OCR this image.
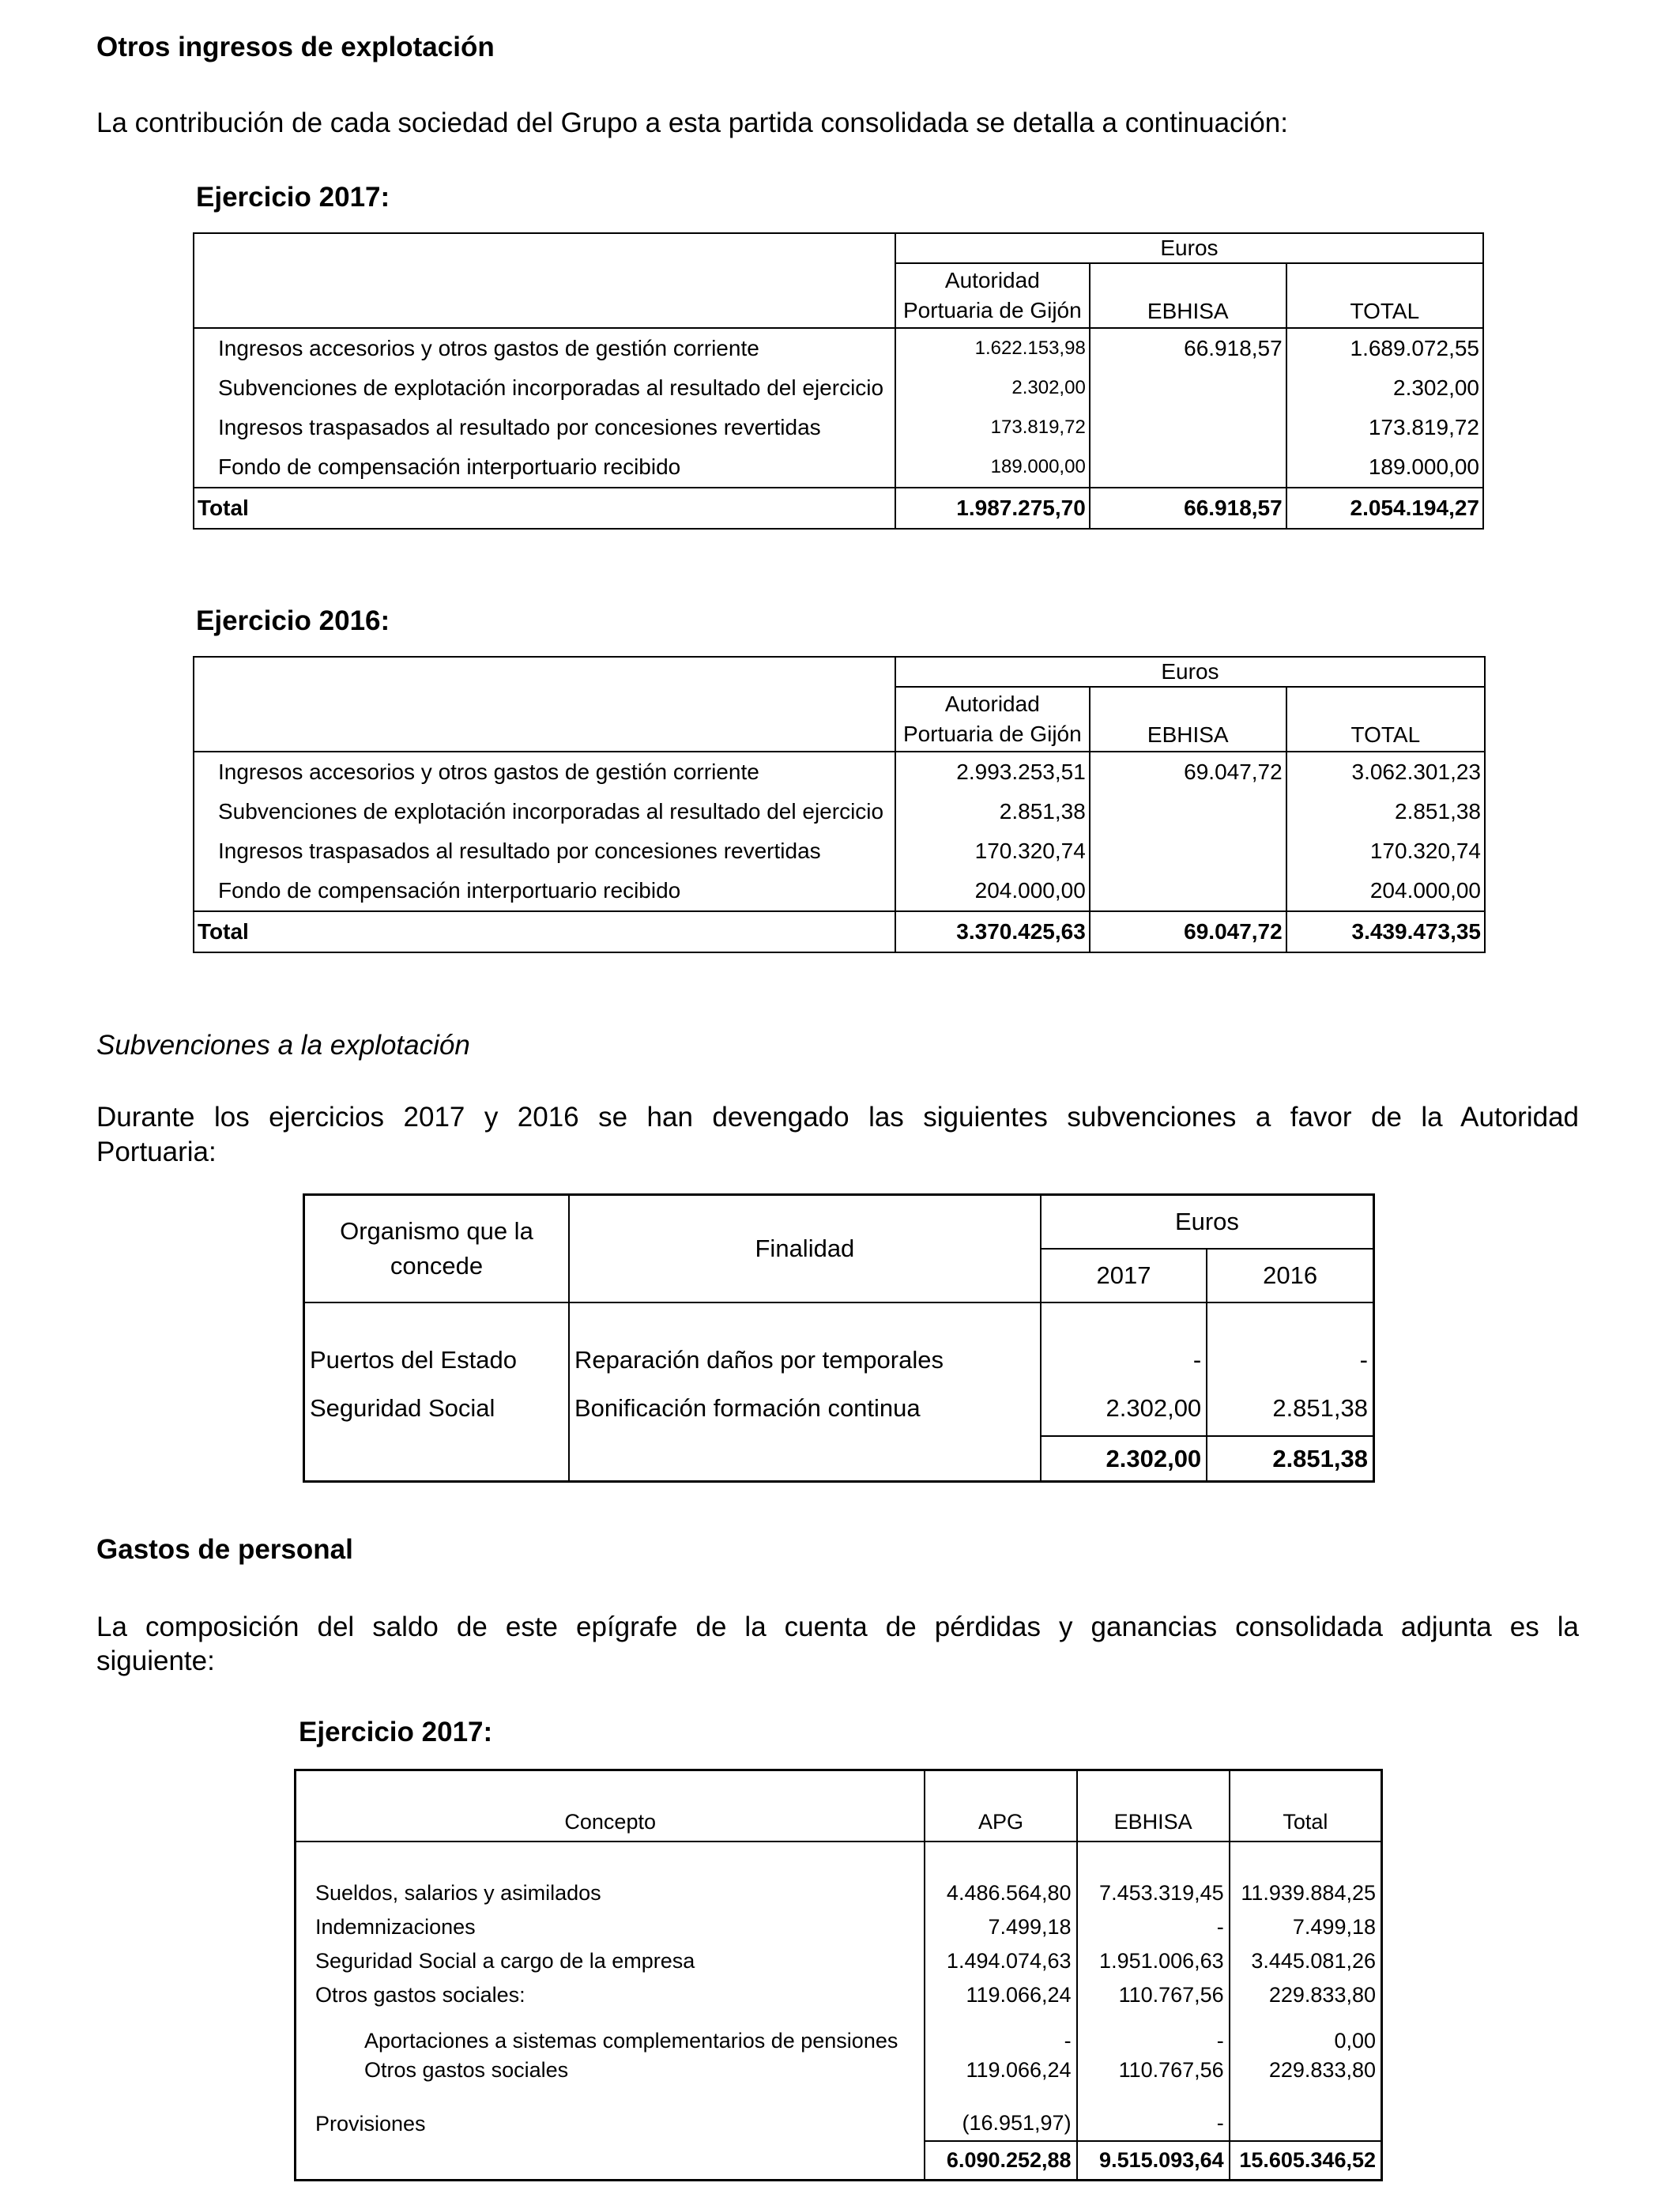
Otros ingresos de explotación
La contribución de cada sociedad del Grupo a esta partida consolidada se detalla a continuación:
Ejercicio 2017:
	Euros		
	Autoridad
Portuaria de Gijón	EBHISA	TOTAL
Ingresos accesorios y otros gastos de gestión corriente	1.622.153,98	66.918,57	1.689.072,55
Subvenciones de explotación incorporadas al resultado del ejercicio	2.302,00		2.302,00
Ingresos traspasados al resultado por concesiones revertidas	173.819,72		173.819,72
Fondo de compensación interportuario recibido	189.000,00		189.000,00
Total	1.987.275,70	66.918,57	2.054.194,27
Ejercicio 2016:
	Euros		
	Autoridad
Portuaria de Gijón	EBHISA	TOTAL
Ingresos accesorios y otros gastos de gestión corriente	2.993.253,51	69.047,72	3.062.301,23
Subvenciones de explotación incorporadas al resultado del ejercicio	2.851,38		2.851,38
Ingresos traspasados al resultado por concesiones revertidas	170.320,74		170.320,74
Fondo de compensación interportuario recibido	204.000,00		204.000,00
Total	3.370.425,63	69.047,72	3.439.473,35
Subvenciones a la explotación
Durante los ejercicios 2017 y 2016 se han devengado las siguientes subvenciones a favor de la Autoridad
Portuaria:
Organismo que la
concede	Finalidad	Euros	
		2017	2016
Puertos del Estado	Reparación daños por temporales	-	-
Seguridad Social	Bonificación formación continua	2.302,00	2.851,38
		2.302,00	2.851,38
Gastos de personal
La composición del saldo de este epígrafe de la cuenta de pérdidas y ganancias consolidada adjunta es la
siguiente:
Ejercicio 2017:
Concepto	APG	EBHISA	Total

Sueldos, salarios y asimilados	4.486.564,80	7.453.319,45	11.939.884,25
Indemnizaciones	7.499,18	-	7.499,18
Seguridad Social a cargo de la empresa	1.494.074,63	1.951.006,63	3.445.081,26
Otros gastos sociales:	119.066,24	110.767,56	229.833,80
Aportaciones a sistemas complementarios de pensiones	-	-	0,00
Otros gastos sociales	119.066,24	110.767,56	229.833,80
Provisiones	(16.951,97)	-	
	6.090.252,88	9.515.093,64	15.605.346,52
